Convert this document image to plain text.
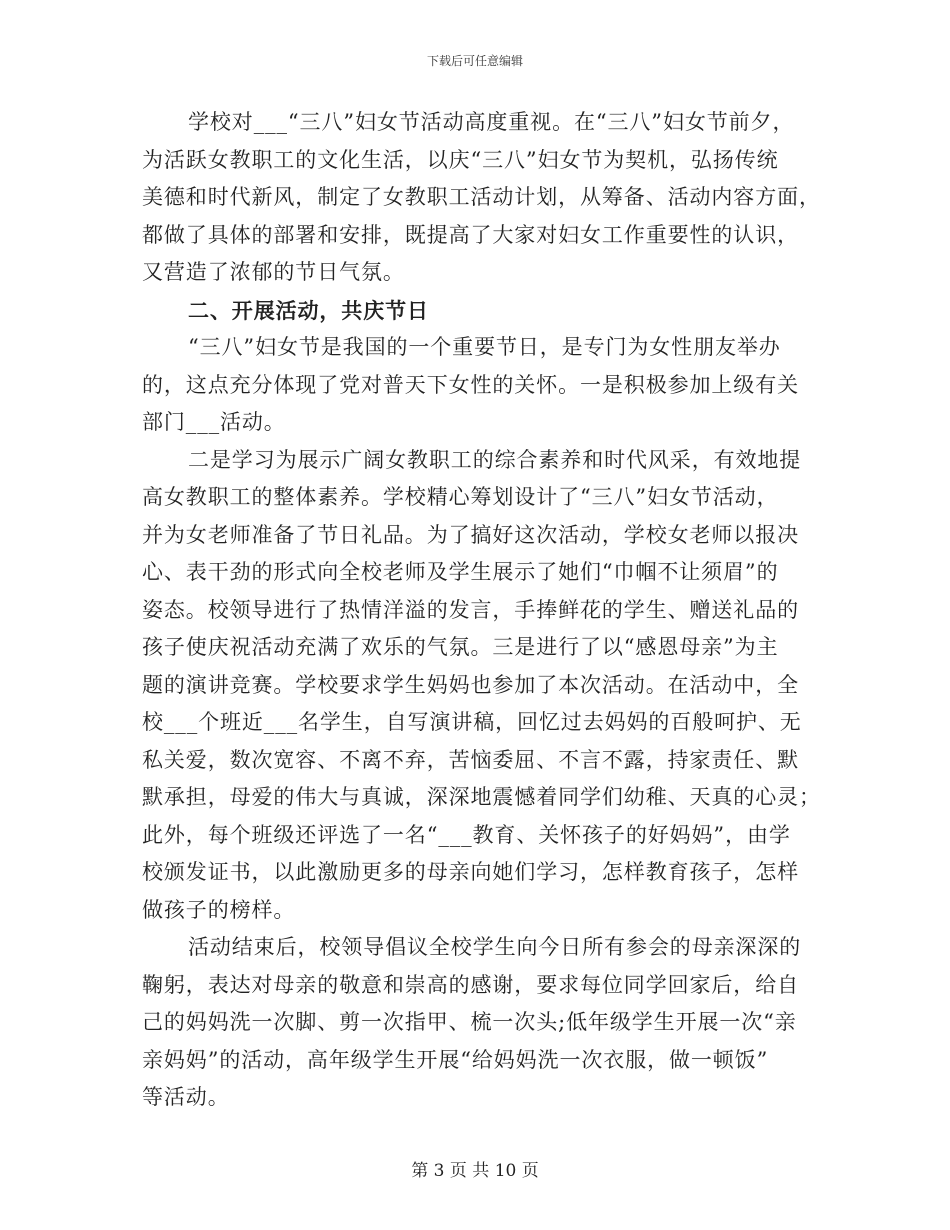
下载后可任意编辑
学校对___“三八”妇女节活动高度重视。在“三八”妇女节前夕，
为活跃女教职工的文化生活，以庆“三八”妇女节为契机，弘扬传统
美德和时代新风，制定了女教职工活动计划，从筹备、活动内容方面，
都做了具体的部署和安排，既提高了大家对妇女工作重要性的认识，
又营造了浓郁的节日气氛。
二、开展活动，共庆节日
“三八”妇女节是我国的一个重要节日，是专门为女性朋友举办
的，这点充分体现了党对普天下女性的关怀。一是积极参加上级有关
部门___活动。
二是学习为展示广阔女教职工的综合素养和时代风采，有效地提
高女教职工的整体素养。学校精心筹划设计了“三八”妇女节活动，
并为女老师准备了节日礼品。为了搞好这次活动，学校女老师以报决
心、表干劲的形式向全校老师及学生展示了她们“巾帼不让须眉”的
姿态。校领导进行了热情洋溢的发言，手捧鲜花的学生、赠送礼品的
孩子使庆祝活动充满了欢乐的气氛。三是进行了以“感恩母亲”为主
题的演讲竞赛。学校要求学生妈妈也参加了本次活动。在活动中，全
校___个班近___名学生，自写演讲稿，回忆过去妈妈的百般呵护、无
私关爱，数次宽容、不离不弃，苦恼委屈、不言不露，持家责任、默
默承担，母爱的伟大与真诚，深深地震憾着同学们幼稚、天真的心灵；
此外，每个班级还评选了一名“___教育、关怀孩子的好妈妈”，由学
校颁发证书，以此激励更多的母亲向她们学习，怎样教育孩子，怎样
做孩子的榜样。
活动结束后，校领导倡议全校学生向今日所有参会的母亲深深的
鞠躬，表达对母亲的敬意和崇高的感谢，要求每位同学回家后，给自
己的妈妈洗一次脚、剪一次指甲、梳一次头;低年级学生开展一次“亲
亲妈妈”的活动，高年级学生开展“给妈妈洗一次衣服，做一顿饭”
等活动。
第 3 页 共 10 页
